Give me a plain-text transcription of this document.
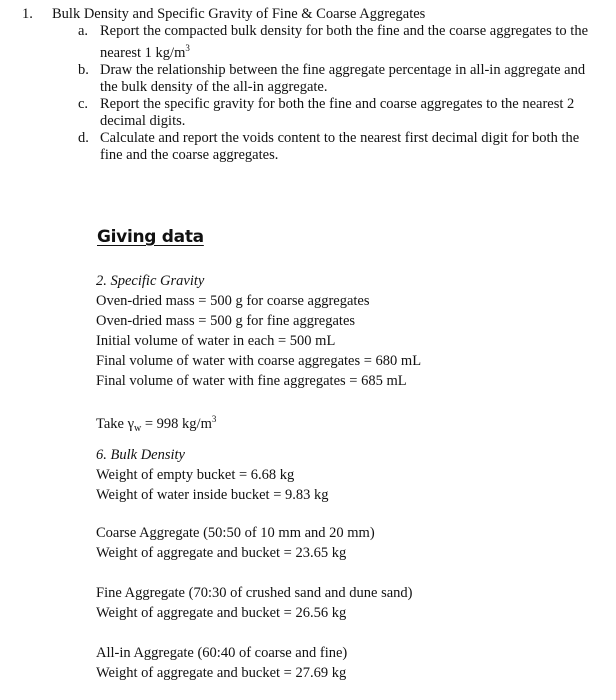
1. Bulk Density and Specific Gravity of Fine & Coarse Aggregates
a. Report the compacted bulk density for both the fine and the coarse aggregates to the nearest 1 $kg/m^3$
b. Draw the relationship between the fine aggregate percentage in all-in aggregate and the bulk density of the all-in aggregate.
c. Report the specific gravity for both the fine and coarse aggregates to the nearest 2 decimal digits.
d. Calculate and report the voids content to the nearest first decimal digit for both the fine and the coarse aggregates.
Giving data
2. Specific Gravity
Oven-dried mass = 500 g for coarse aggregates
Oven-dried mass = 500 g for fine aggregates
Initial volume of water in each = 500 mL
Final volume of water with coarse aggregates = 680 mL
Final volume of water with fine aggregates = 685 mL
Take $\gamma_w = 998$ $kg/m^3$
6. Bulk Density
Weight of empty bucket = 6.68 kg
Weight of water inside bucket = 9.83 kg
Coarse Aggregate (50:50 of 10 mm and 20 mm)
Weight of aggregate and bucket = 23.65 kg
Fine Aggregate (70:30 of crushed sand and dune sand)
Weight of aggregate and bucket = 26.56 kg
All-in Aggregate (60:40 of coarse and fine)
Weight of aggregate and bucket = 27.69 kg
